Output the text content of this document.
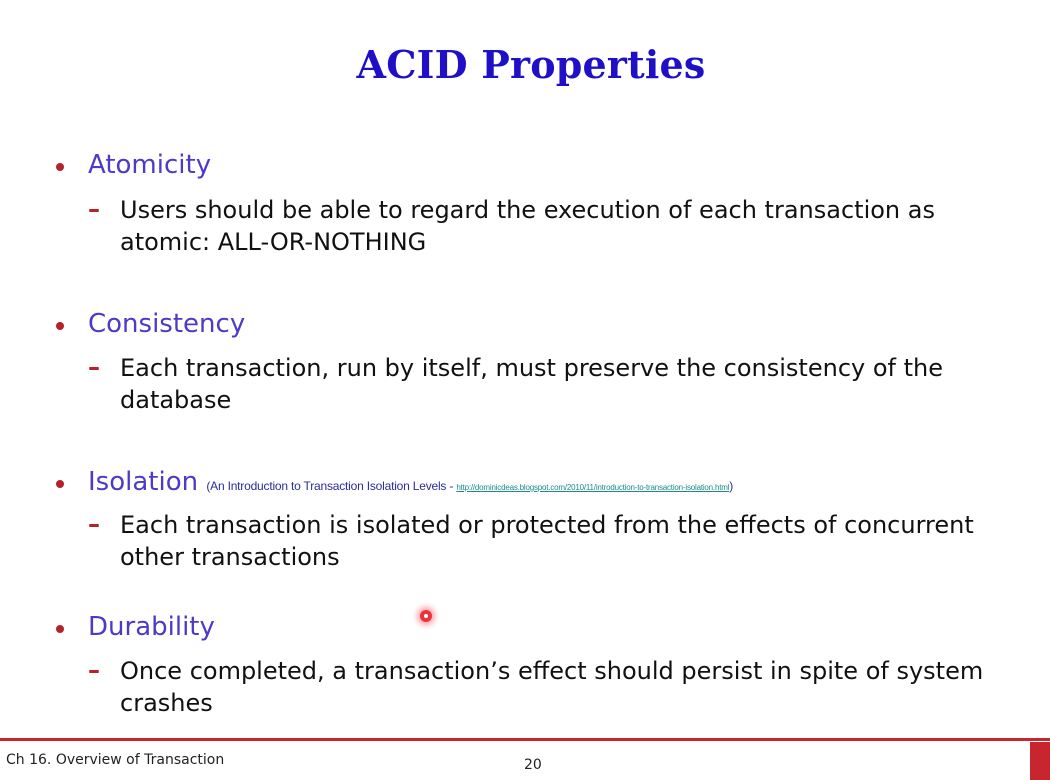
ACID Properties
Atomicity
– Users should be able to regard the execution of each transaction as atomic: ALL-OR-NOTHING
Consistency
– Each transaction, run by itself, must preserve the consistency of the database
Isolation (An Introduction to Transaction Isolation Levels - http://dominicdeas.blogspot.com/2010/11/introduction-to-transaction-isolation.html)
– Each transaction is isolated or protected from the effects of concurrent other transactions
Durability
– Once completed, a transaction’s effect should persist in spite of system crashes
Ch 16. Overview of Transaction	20
